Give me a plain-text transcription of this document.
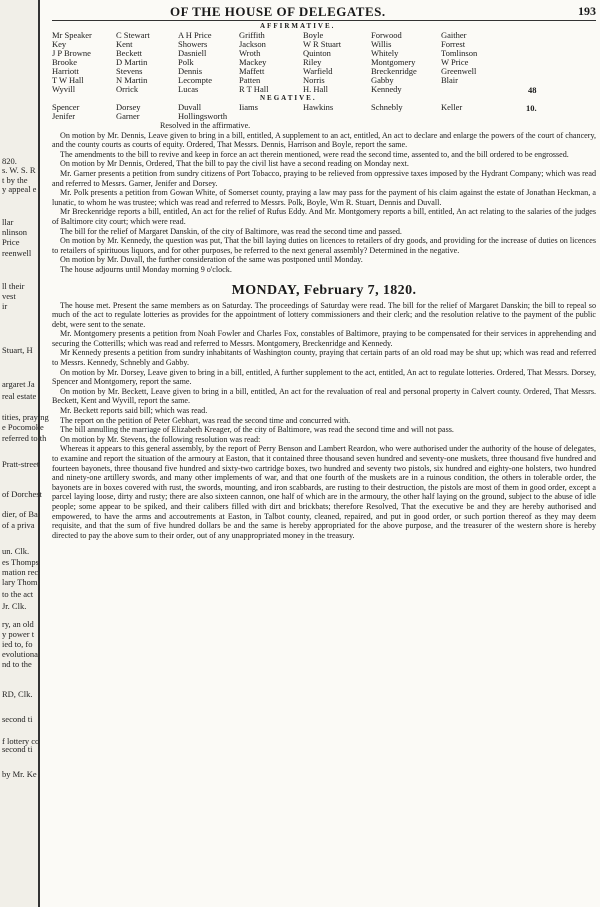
820.
s. W. S. R
t by the
y appeal e
llar
nlinson
Price
reenwell
ll their
vest
ir
Stuart, H
argaret Ja
real estate
tities, praying
e Pocomoke
referred to th
Pratt-street
of Dorchest
dier, of Ba
of a priva
un. Clk.
es Thomps
mation rec
lary Thom
to the act
Jr. Clk.
ry, an old
y power t
ied to, fo
evolutiona
nd to the
RD, Clk.
second ti
f lottery co
second ti
by Mr. Ke
OF THE HOUSE OF DELEGATES.	193
AFFIRMATIVE.
Mr Speaker	C Stewart	A H Price	Griffith	Boyle	Forwood	Gaither
Key	Kent	Showers	Jackson	W R Stuart	Willis	Forrest
J P Browne	Beckett	Dasniell	Wroth	Quinton	Whitely	Tomlinson
Brooke	D Martin	Polk	Mackey	Riley	Montgomery	W Price
Harriott	Stevens	Dennis	Maffett	Warfield	Breckenridge	Greenwell
T W Hall	N Martin	Lecompte	Patten	Norris	Gabby	Blair
Wyvill	Orrick	Lucas	R T Hall	H. Hall	Kennedy	48
NEGATIVE.
Spencer	Dorsey	Duvall	Iiams	Hawkins	Schnebly	Keller
Jenifer	Garner	Hollingsworth
10.

Resolved in the affirmative.

On motion by Mr. Dennis, Leave given to bring in a bill, entitled, A supplement to an act, entitled, An act to declare and enlarge the powers of the court of chancery, and the county courts as courts of equity. Ordered, That Messrs. Dennis, Harrison and Boyle, report the same.

The amendments to the bill to revive and keep in force an act therein mentioned, were read the second time, assented to, and the bill ordered to be engrossed.

On motion by Mr Dennis, Ordered, That the bill to pay the civil list have a second reading on Monday next.

Mr. Garner presents a petition from sundry citizens of Port Tobacco, praying to be relieved from oppressive taxes imposed by the Hydrant Company; which was read and referred to Messrs. Garner, Jenifer and Dorsey.

Mr. Polk presents a petition from Gowan White, of Somerset county, praying a law may pass for the payment of his claim against the estate of Jonathan Heckman, a lunatic, to whom he was trustee; which was read and referred to Messrs. Polk, Boyle, Wm R. Stuart, Dennis and Duvall.

Mr Breckenridge reports a bill, entitled, An act for the relief of Rufus Eddy. And Mr. Montgomery reports a bill, entitled, An act relating to the salaries of the judges of Baltimore city court; which were read.

The bill for the relief of Margaret Danskin, of the city of Baltimore, was read the second time and passed.

On motion by Mr. Kennedy, the question was put, That the bill laying duties on licences to retailers of dry goods, and providing for the increase of duties on licences to retailers of spirituous liquors, and for other purposes, be referred to the next general assembly? Determined in the negative.

On motion by Mr. Duvall, the further consideration of the same was postponed until Monday.

The house adjourns until Monday morning 9 o'clock.

MONDAY, February 7, 1820.

The house met. Present the same members as on Saturday. The proceedings of Saturday were read. The bill for the relief of Margaret Danskin; the bill to repeal so much of the act to regulate lotteries as provides for the appointment of lottery commissioners and their clerk; and the resolution relative to the payment of the public debt, were sent to the senate.

Mr. Montgomery presents a petition from Noah Fowler and Charles Fox, constables of Baltimore, praying to be compensated for their services in apprehending and securing the Cotterills; which was read and referred to Messrs. Montgomery, Breckenridge and Kennedy.

Mr Kennedy presents a petition from sundry inhabitants of Washington county, praying that certain parts of an old road may be shut up; which was read and referred to Messrs. Kennedy, Schnebly and Gabby.

On motion by Mr. Dorsey, Leave given to bring in a bill, entitled, A further supplement to the act, entitled, An act to regulate lotteries. Ordered, That Messrs. Dorsey, Spencer and Montgomery, report the same.

On motion by Mr. Beckett, Leave given to bring in a bill, entitled, An act for the revaluation of real and personal property in Calvert county. Ordered, That Messrs. Beckett, Kent and Wyvill, report the same.

Mr. Beckett reports said bill; which was read.

The report on the petition of Peter Gebhart, was read the second time and concurred with.

The bill annulling the marriage of Elizabeth Kreager, of the city of Baltimore, was read the second time and will not pass.

On motion by Mr. Stevens, the following resolution was read:

Whereas it appears to this general assembly, by the report of Perry Benson and Lambert Reardon, who were authorised under the authority of the house of delegates, to examine and report the situation of the armoury at Easton, that it contained three thousand seven hundred and seventy-one muskets, three thousand five hundred and fourteen bayonets, three thousand five hundred and sixty-two cartridge boxes, two hundred and seventy two pistols, six hundred and eighty-one holsters, two hundred and ninety-one artillery swords, and many other implements of war, and that one fourth of the muskets are in a ruinous condition, the others in tolerable order, the bayonets are in boxes covered with rust, the swords, mounting, and iron scabbards, are rusting to their destruction, the pistols are most of them in good order, except a parcel laying loose, dirty and rusty; there are also sixteen cannon, one half of which are in the armoury, the other half laying on the ground, subject to the abuse of idle people; some appear to be spiked, and their calibers filled with dirt and brickbats; therefore Resolved, That the executive be and they are hereby authorised and empowered, to have the arms and accoutrements at Easton, in Talbot county, cleaned, repaired, and put in good order, or such portion thereof as they may deem requisite, and that the sum of five hundred dollars be and the same is hereby appropriated for the above purpose, and the treasurer of the western shore is hereby directed to pay the above sum to their order, out of any unappropriated money in the treasury.
